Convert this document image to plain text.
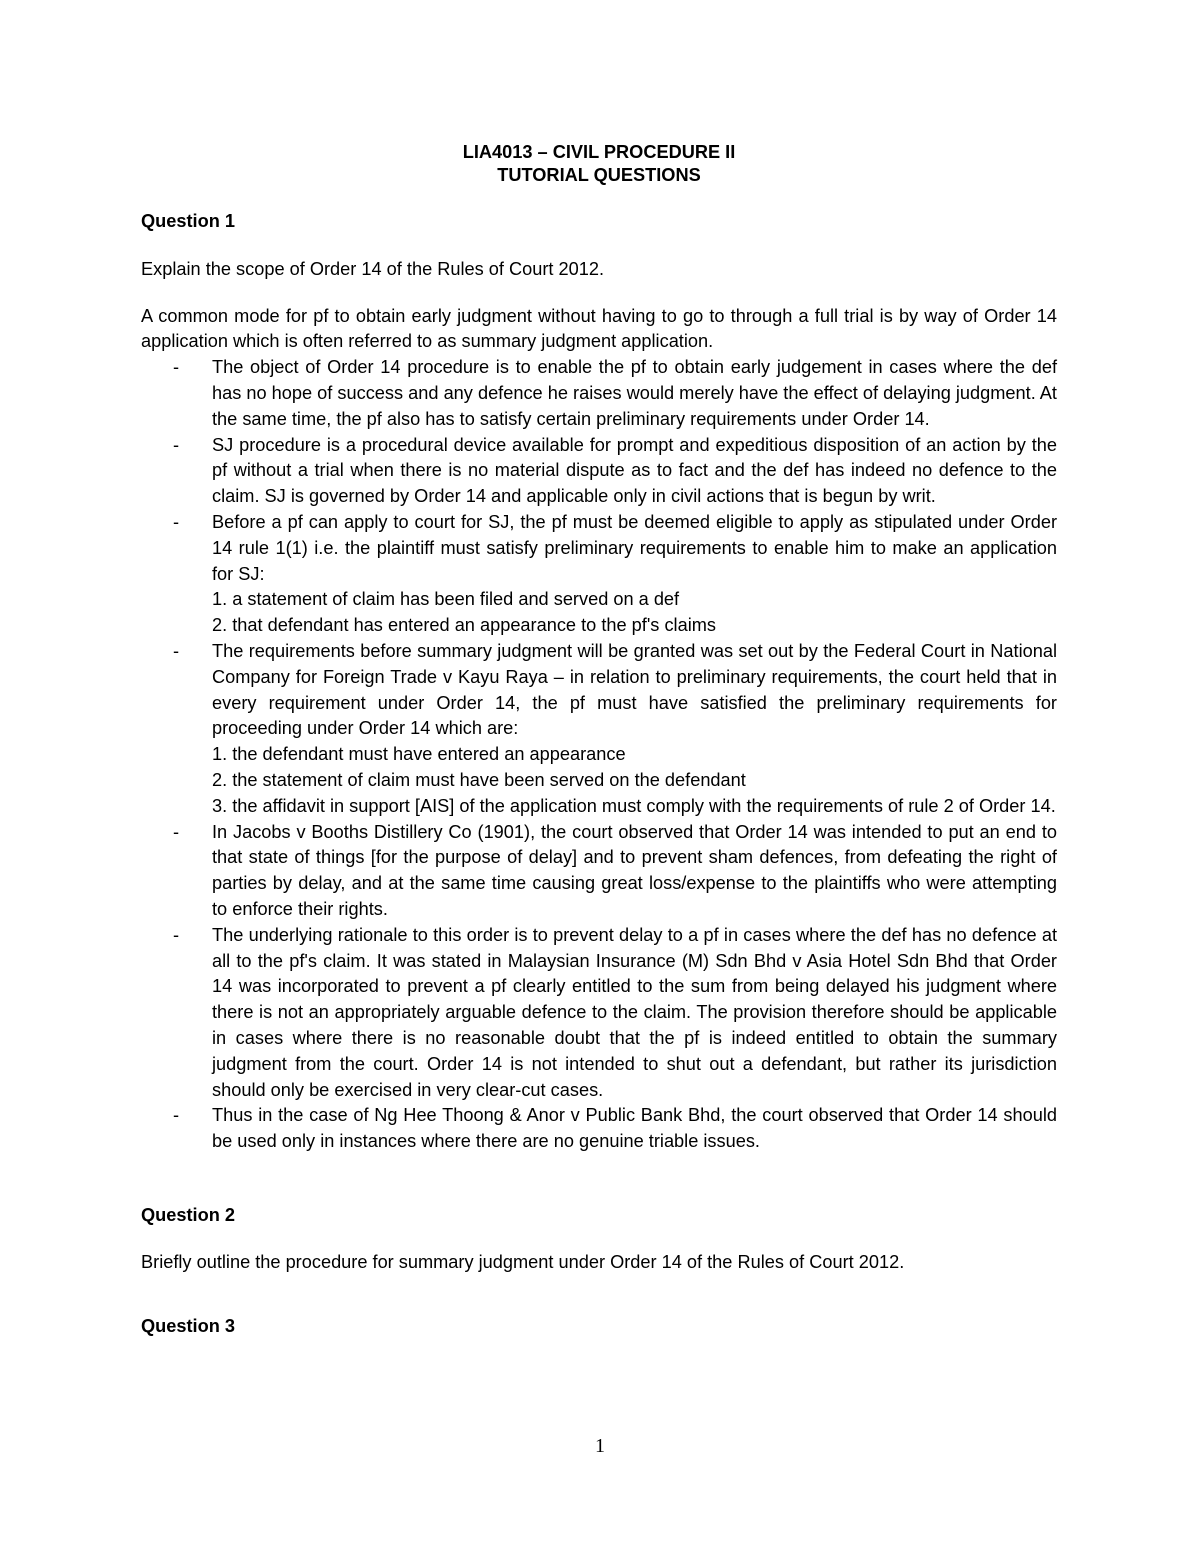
LIA4013 – CIVIL PROCEDURE II
TUTORIAL QUESTIONS

Question 1

Explain the scope of Order 14 of the Rules of Court 2012.

A common mode for pf to obtain early judgment without having to go to through a full trial is by way of Order 14 application which is often referred to as summary judgment application.

- The object of Order 14 procedure is to enable the pf to obtain early judgement in cases where the def has no hope of success and any defence he raises would merely have the effect of delaying judgment. At the same time, the pf also has to satisfy certain preliminary requirements under Order 14.
- SJ procedure is a procedural device available for prompt and expeditious disposition of an action by the pf without a trial when there is no material dispute as to fact and the def has indeed no defence to the claim. SJ is governed by Order 14 and applicable only in civil actions that is begun by writ.
- Before a pf can apply to court for SJ, the pf must be deemed eligible to apply as stipulated under Order 14 rule 1(1) i.e. the plaintiff must satisfy preliminary requirements to enable him to make an application for SJ:
1. a statement of claim has been filed and served on a def
2. that defendant has entered an appearance to the pf's claims
- The requirements before summary judgment will be granted was set out by the Federal Court in National Company for Foreign Trade v Kayu Raya – in relation to preliminary requirements, the court held that in every requirement under Order 14, the pf must have satisfied the preliminary requirements for proceeding under Order 14 which are:
1. the defendant must have entered an appearance
2. the statement of claim must have been served on the defendant
3. the affidavit in support [AIS] of the application must comply with the requirements of rule 2 of Order 14.
- In Jacobs v Booths Distillery Co (1901), the court observed that Order 14 was intended to put an end to that state of things [for the purpose of delay] and to prevent sham defences, from defeating the right of parties by delay, and at the same time causing great loss/expense to the plaintiffs who were attempting to enforce their rights.
- The underlying rationale to this order is to prevent delay to a pf in cases where the def has no defence at all to the pf's claim. It was stated in Malaysian Insurance (M) Sdn Bhd v Asia Hotel Sdn Bhd that Order 14 was incorporated to prevent a pf clearly entitled to the sum from being delayed his judgment where there is not an appropriately arguable defence to the claim. The provision therefore should be applicable in cases where there is no reasonable doubt that the pf is indeed entitled to obtain the summary judgment from the court. Order 14 is not intended to shut out a defendant, but rather its jurisdiction should only be exercised in very clear-cut cases.
- Thus in the case of Ng Hee Thoong & Anor v Public Bank Bhd, the court observed that Order 14 should be used only in instances where there are no genuine triable issues.

Question 2

Briefly outline the procedure for summary judgment under Order 14 of the Rules of Court 2012.

Question 3

1
